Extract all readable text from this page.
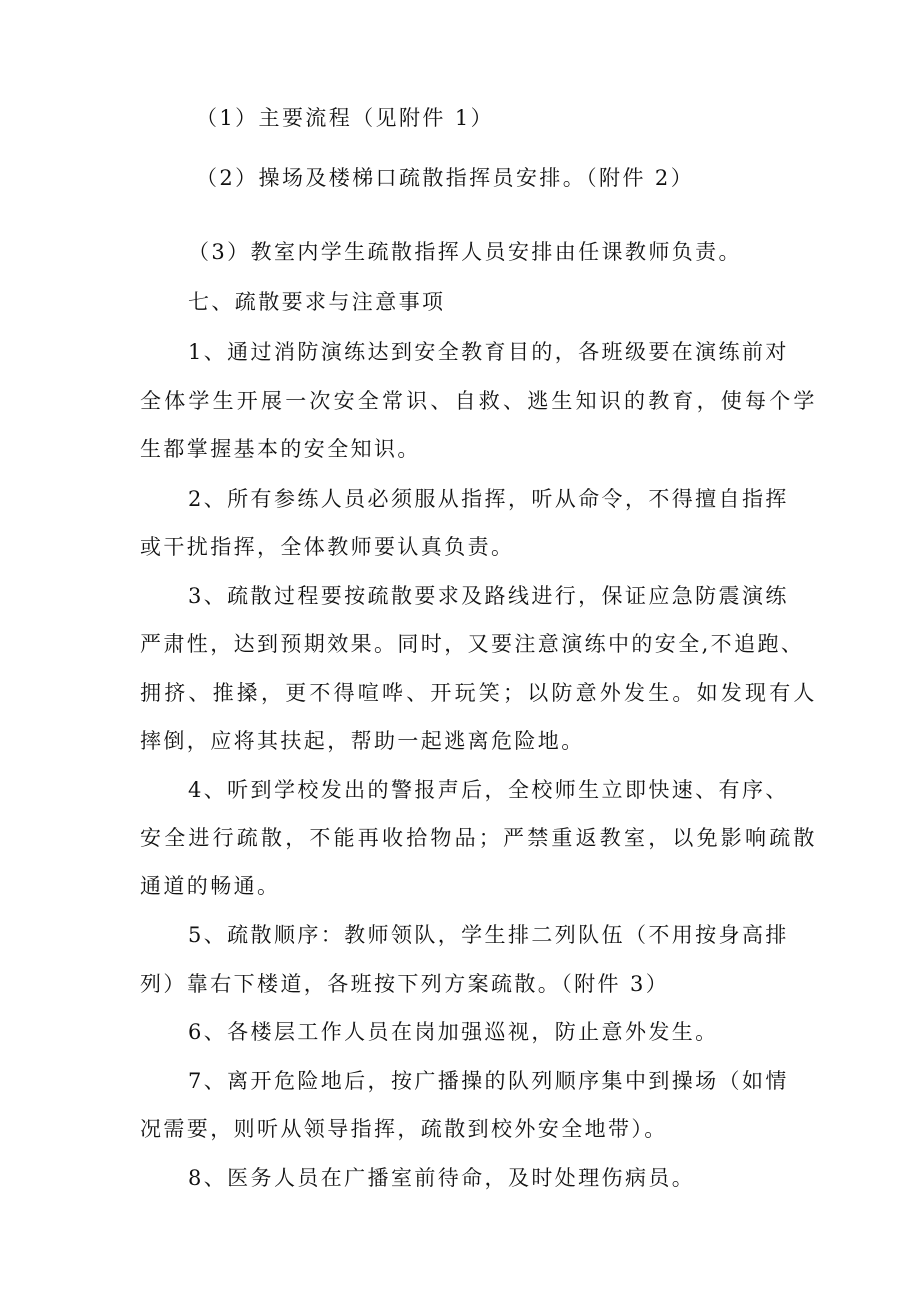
（1）主要流程（见附件 1）

（2）操场及楼梯口疏散指挥员安排。（附件 2）

（3）教室内学生疏散指挥人员安排由任课教师负责。

七、疏散要求与注意事项

1、通过消防演练达到安全教育目的，各班级要在演练前对

全体学生开展一次安全常识、自救、逃生知识的教育，使每个学

生都掌握基本的安全知识。

2、所有参练人员必须服从指挥，听从命令，不得擅自指挥

或干扰指挥，全体教师要认真负责。

3、疏散过程要按疏散要求及路线进行，保证应急防震演练

严肃性，达到预期效果。同时，又要注意演练中的安全,不追跑、

拥挤、推搡，更不得喧哗、开玩笑；以防意外发生。如发现有人

摔倒，应将其扶起，帮助一起逃离危险地。

4、听到学校发出的警报声后，全校师生立即快速、有序、

安全进行疏散，不能再收拾物品；严禁重返教室，以免影响疏散

通道的畅通。

5、疏散顺序：教师领队，学生排二列队伍（不用按身高排

列）靠右下楼道，各班按下列方案疏散。（附件 3）

6、各楼层工作人员在岗加强巡视，防止意外发生。

7、离开危险地后，按广播操的队列顺序集中到操场（如情

况需要，则听从领导指挥，疏散到校外安全地带）。

8、医务人员在广播室前待命，及时处理伤病员。
